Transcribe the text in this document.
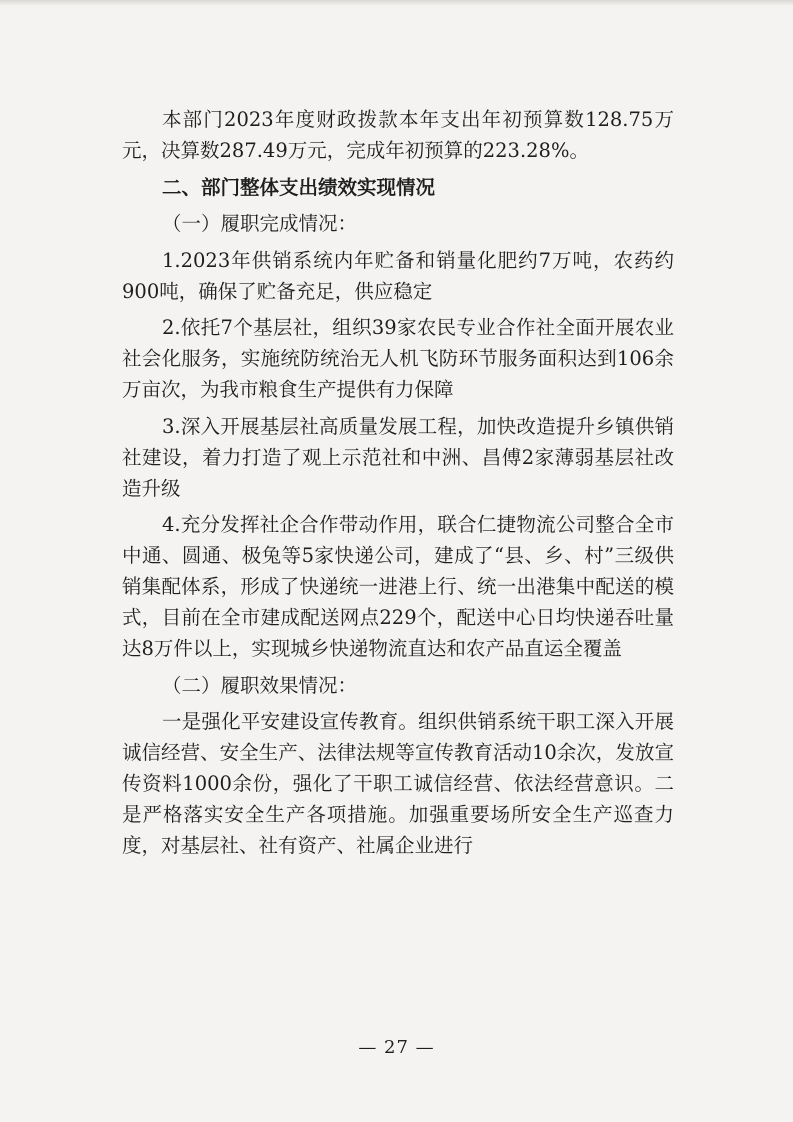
本部门2023年度财政拨款本年支出年初预算数128.75万元，决算数287.49万元，完成年初预算的223.28%。

二、部门整体支出绩效实现情况

（一）履职完成情况：

1.2023年供销系统内年贮备和销量化肥约7万吨，农药约900吨，确保了贮备充足，供应稳定

2.依托7个基层社，组织39家农民专业合作社全面开展农业社会化服务，实施统防统治无人机飞防环节服务面积达到106余万亩次，为我市粮食生产提供有力保障

3.深入开展基层社高质量发展工程，加快改造提升乡镇供销社建设，着力打造了观上示范社和中洲、昌傅2家薄弱基层社改造升级

4.充分发挥社企合作带动作用，联合仁捷物流公司整合全市中通、圆通、极兔等5家快递公司，建成了“县、乡、村”三级供销集配体系，形成了快递统一进港上行、统一出港集中配送的模式，目前在全市建成配送网点229个，配送中心日均快递吞吐量达8万件以上，实现城乡快递物流直达和农产品直运全覆盖

（二）履职效果情况：

一是强化平安建设宣传教育。组织供销系统干职工深入开展诚信经营、安全生产、法律法规等宣传教育活动10余次，发放宣传资料1000余份，强化了干职工诚信经营、依法经营意识。二是严格落实安全生产各项措施。加强重要场所安全生产巡查力度，对基层社、社有资产、社属企业进行

— 27 —
